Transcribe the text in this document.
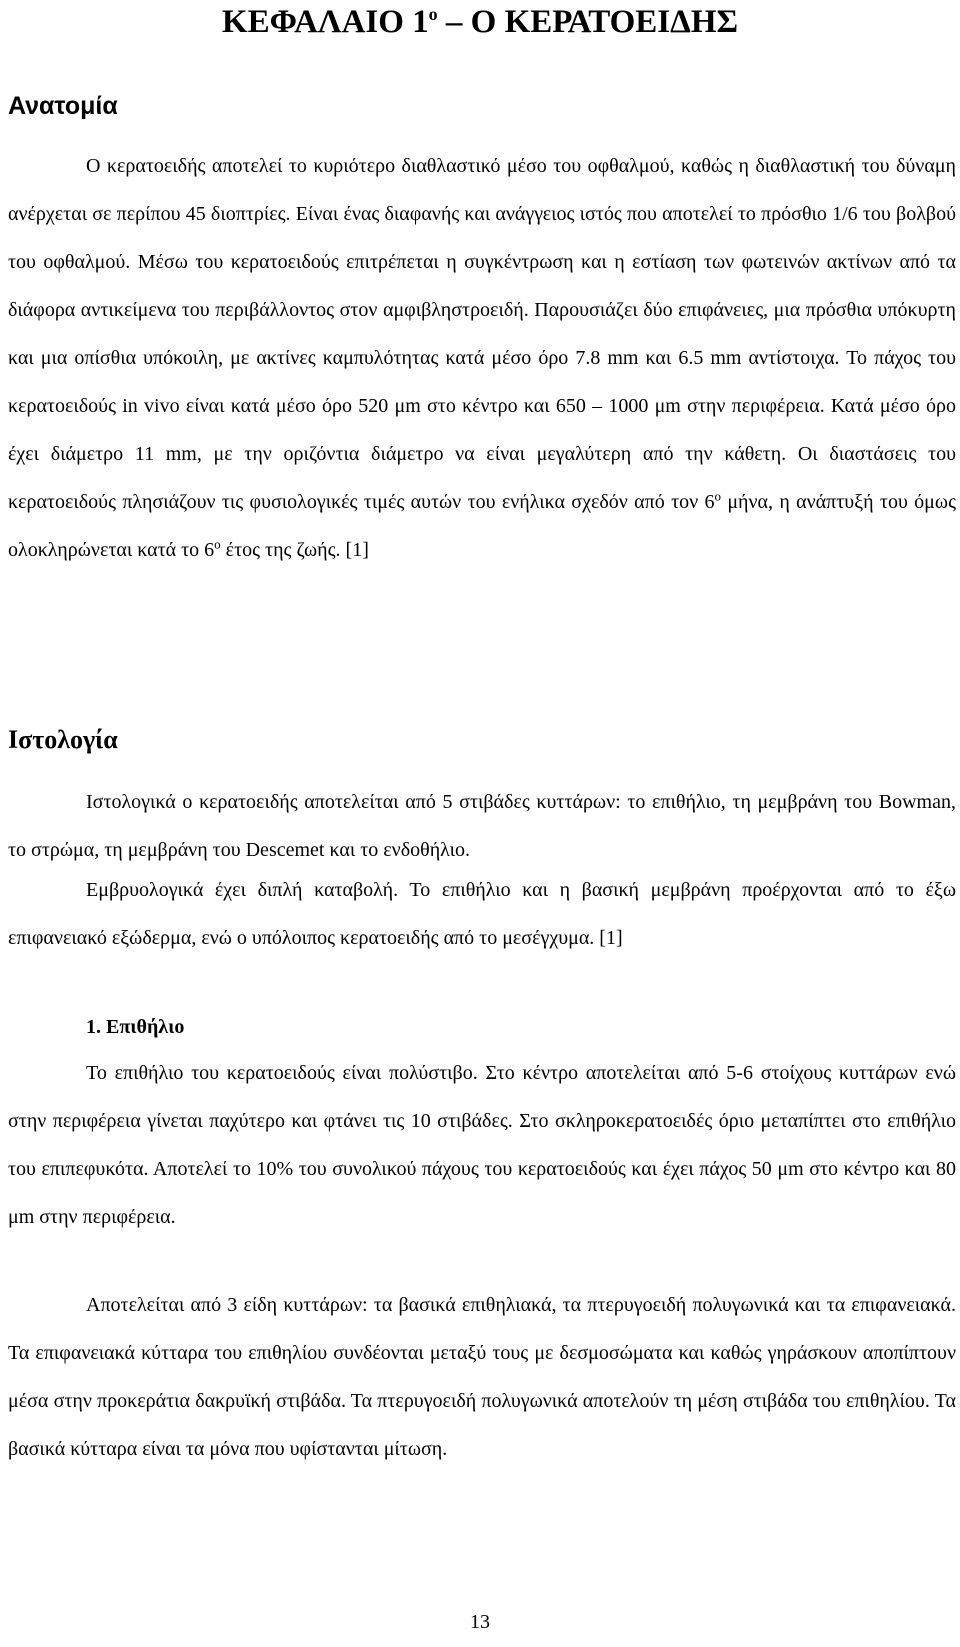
ΚΕΦΑΛΑΙΟ $1^o$ – Ο ΚΕΡΑΤΟΕΙΔΗΣ
Ανατομία

Ο κερατοειδής αποτελεί το κυριότερο διαθλαστικό μέσο του οφθαλμού, καθώς η διαθλαστική του δύναμη ανέρχεται σε περίπου 45 διοπτρίες. Είναι ένας διαφανής και ανάγγειος ιστός που αποτελεί το πρόσθιο 1/6 του βολβού του οφθαλμού. Μέσω του κερατοειδούς επιτρέπεται η συγκέντρωση και η εστίαση των φωτεινών ακτίνων από τα διάφορα αντικείμενα του περιβάλλοντος στον αμφιβληστροειδή. Παρουσιάζει δύο επιφάνειες, μια πρόσθια υπόκυρτη και μια οπίσθια υπόκοιλη, με ακτίνες καμπυλότητας κατά μέσο όρο 7.8 mm και 6.5 mm αντίστοιχα. Το πάχος του κερατοειδούς in vivo είναι κατά μέσο όρο 520 μm στο κέντρο και 650 – 1000 μm στην περιφέρεια. Κατά μέσο όρο έχει διάμετρο 11 mm, με την οριζόντια διάμετρο να είναι μεγαλύτερη από την κάθετη. Οι διαστάσεις του κερατοειδούς πλησιάζουν τις φυσιολογικές τιμές αυτών του ενήλικα σχεδόν από τον $6^o$ μήνα, η ανάπτυξή του όμως ολοκληρώνεται κατά το $6^o$ έτος της ζωής. [1]

Ιστολογία

Ιστολογικά ο κερατοειδής αποτελείται από 5 στιβάδες κυττάρων: το επιθήλιο, τη μεμβράνη του Bowman, το στρώμα, τη μεμβράνη του Descemet και το ενδοθήλιο.

Εμβρυολογικά έχει διπλή καταβολή. Το επιθήλιο και η βασική μεμβράνη προέρχονται από το έξω επιφανειακό εξώδερμα, ενώ ο υπόλοιπος κερατοειδής από το μεσέγχυμα. [1]

1. Επιθήλιο

Το επιθήλιο του κερατοειδούς είναι πολύστιβο. Στο κέντρο αποτελείται από 5-6 στοίχους κυττάρων ενώ στην περιφέρεια γίνεται παχύτερο και φτάνει τις 10 στιβάδες. Στο σκληροκερατοειδές όριο μεταπίπτει στο επιθήλιο του επιπεφυκότα. Αποτελεί το 10% του συνολικού πάχους του κερατοειδούς και έχει πάχος 50 μm στο κέντρο και 80 μm στην περιφέρεια.

Αποτελείται από 3 είδη κυττάρων: τα βασικά επιθηλιακά, τα πτερυγοειδή πολυγωνικά και τα επιφανειακά. Τα επιφανειακά κύτταρα του επιθηλίου συνδέονται μεταξύ τους με δεσμοσώματα και καθώς γηράσκουν αποπίπτουν μέσα στην προκεράτια δακρυϊκή στιβάδα. Τα πτερυγοειδή πολυγωνικά αποτελούν τη μέση στιβάδα του επιθηλίου. Τα βασικά κύτταρα είναι τα μόνα που υφίστανται μίτωση.

13
